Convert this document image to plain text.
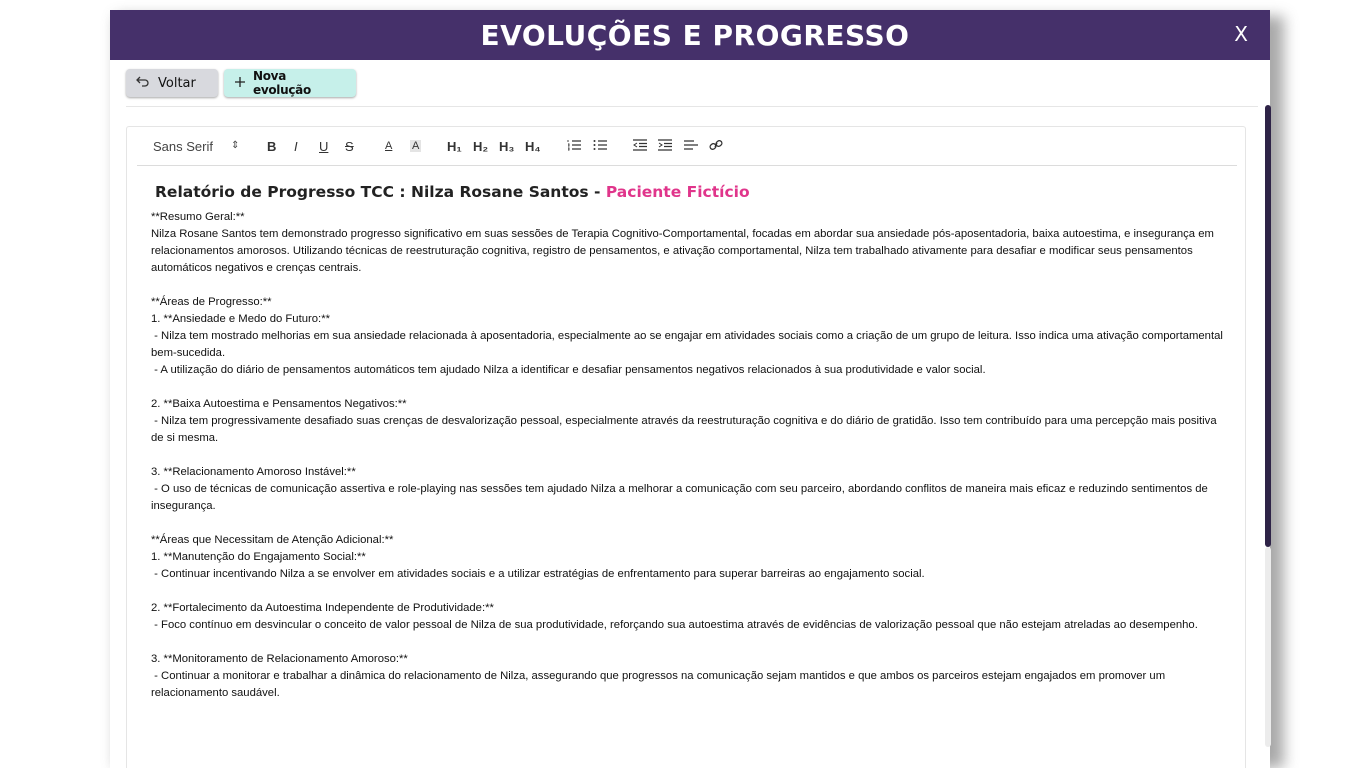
EVOLUÇÕES E PROGRESSO	X
Voltar	Nova evolução
Sans Serif ⇕ B I U S	A A H₁ H₂ H₃ H₄
Relatório de Progresso TCC : Nilza Rosane Santos - Paciente Fictício

**Resumo Geral:**
Nilza Rosane Santos tem demonstrado progresso significativo em suas sessões de Terapia Cognitivo-Comportamental, focadas em abordar sua ansiedade pós-aposentadoria, baixa autoestima, e insegurança em relacionamentos amorosos. Utilizando técnicas de reestruturação cognitiva, registro de pensamentos, e ativação comportamental, Nilza tem trabalhado ativamente para desafiar e modificar seus pensamentos automáticos negativos e crenças centrais.

**Áreas de Progresso:**
1. **Ansiedade e Medo do Futuro:**
- Nilza tem mostrado melhorias em sua ansiedade relacionada à aposentadoria, especialmente ao se engajar em atividades sociais como a criação de um grupo de leitura. Isso indica uma ativação comportamental bem-sucedida.
- A utilização do diário de pensamentos automáticos tem ajudado Nilza a identificar e desafiar pensamentos negativos relacionados à sua produtividade e valor social.

2. **Baixa Autoestima e Pensamentos Negativos:**
- Nilza tem progressivamente desafiado suas crenças de desvalorização pessoal, especialmente através da reestruturação cognitiva e do diário de gratidão. Isso tem contribuído para uma percepção mais positiva de si mesma.

3. **Relacionamento Amoroso Instável:**
- O uso de técnicas de comunicação assertiva e role-playing nas sessões tem ajudado Nilza a melhorar a comunicação com seu parceiro, abordando conflitos de maneira mais eficaz e reduzindo sentimentos de insegurança.

**Áreas que Necessitam de Atenção Adicional:**
1. **Manutenção do Engajamento Social:**
- Continuar incentivando Nilza a se envolver em atividades sociais e a utilizar estratégias de enfrentamento para superar barreiras ao engajamento social.

2. **Fortalecimento da Autoestima Independente de Produtividade:**
- Foco contínuo em desvincular o conceito de valor pessoal de Nilza de sua produtividade, reforçando sua autoestima através de evidências de valorização pessoal que não estejam atreladas ao desempenho.

3. **Monitoramento de Relacionamento Amoroso:**
- Continuar a monitorar e trabalhar a dinâmica do relacionamento de Nilza, assegurando que progressos na comunicação sejam mantidos e que ambos os parceiros estejam engajados em promover um relacionamento saudável.
